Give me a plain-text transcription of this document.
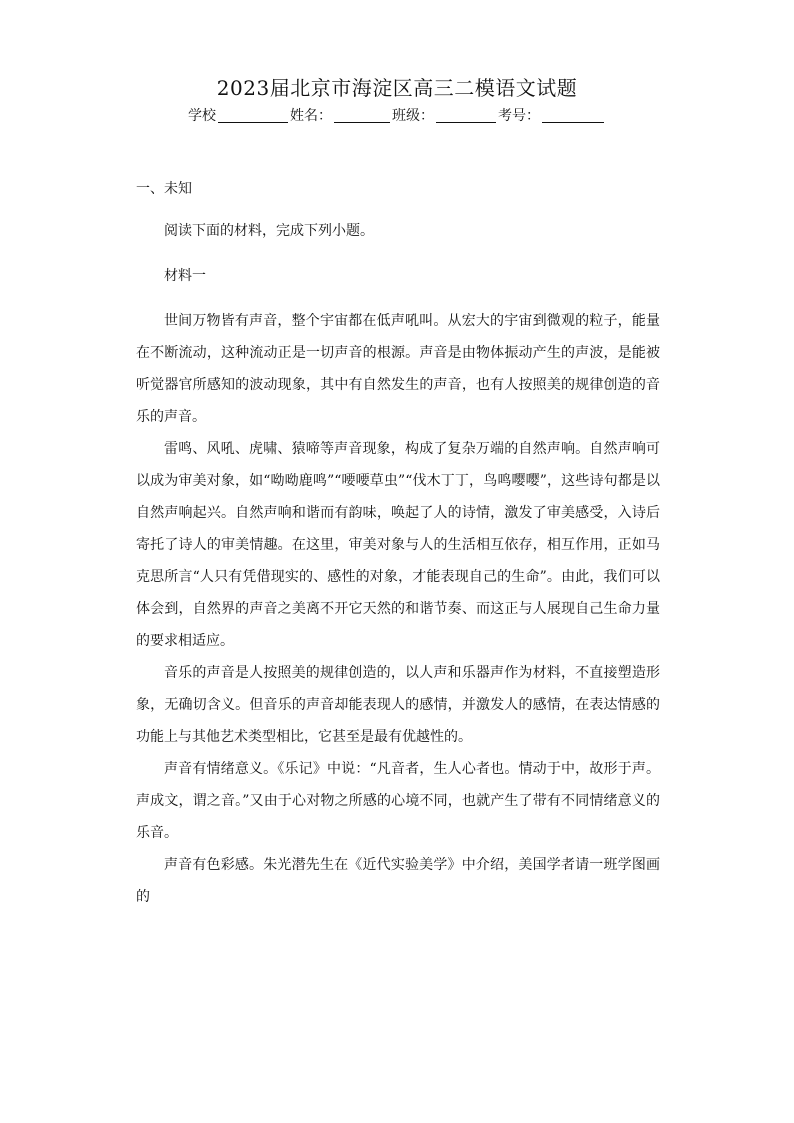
2023届北京市海淀区高三二模语文试题
学校	姓名：	班级：	考号：
一、未知

阅读下面的材料，完成下列小题。

材料一

世间万物皆有声音，整个宇宙都在低声吼叫。从宏大的宇宙到微观的粒子，能量在不断流动，这种流动正是一切声音的根源。声音是由物体振动产生的声波，是能被听觉器官所感知的波动现象，其中有自然发生的声音，也有人按照美的规律创造的音乐的声音。

雷鸣、风吼、虎啸、猿啼等声音现象，构成了复杂万端的自然声响。自然声响可以成为审美对象，如“呦呦鹿鸣”“喓喓草虫”“伐木丁丁，鸟鸣嘤嘤”，这些诗句都是以自然声响起兴。自然声响和谐而有韵味，唤起了人的诗情，激发了审美感受，入诗后寄托了诗人的审美情趣。在这里，审美对象与人的生活相互依存，相互作用，正如马克思所言“人只有凭借现实的、感性的对象，才能表现自己的生命”。由此，我们可以体会到，自然界的声音之美离不开它天然的和谐节奏、而这正与人展现自己生命力量的要求相适应。

音乐的声音是人按照美的规律创造的，以人声和乐器声作为材料，不直接塑造形象，无确切含义。但音乐的声音却能表现人的感情，并激发人的感情，在表达情感的功能上与其他艺术类型相比，它甚至是最有优越性的。

声音有情绪意义。《乐记》中说：“凡音者，生人心者也。情动于中，故形于声。声成文，谓之音。”又由于心对物之所感的心境不同，也就产生了带有不同情绪意义的乐音。

声音有色彩感。朱光潜先生在《近代实验美学》中介绍，美国学者请一班学图画的
